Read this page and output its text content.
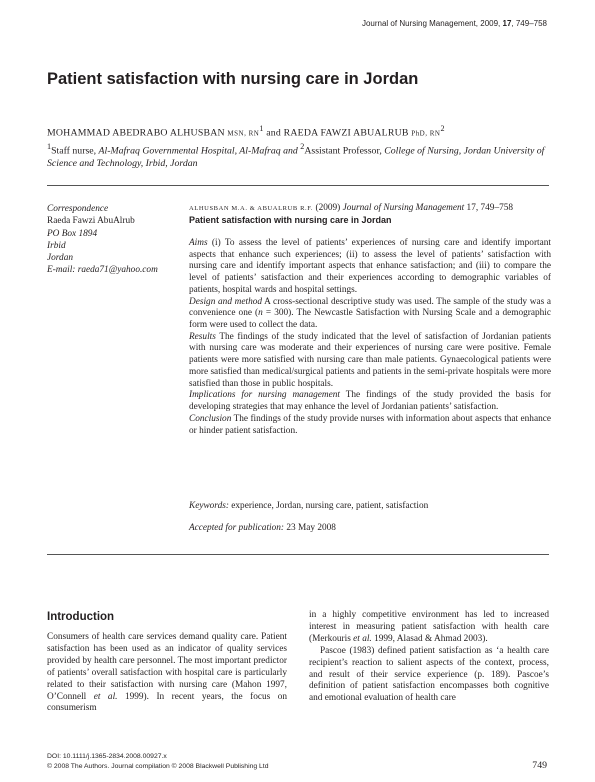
Journal of Nursing Management, 2009, 17, 749–758
Patient satisfaction with nursing care in Jordan
MOHAMMAD ABEDRABO ALHUSBAN MSN, $RN^1$ and RAEDA FAWZI ABUALRUB PhD, $RN^2$
$^1$Staff nurse, Al-Mafraq Governmental Hospital, Al-Mafraq and $^2$Assistant Professor, College of Nursing, Jordan University of Science and Technology, Irbid, Jordan
Correspondence
Raeda Fawzi AbuAlrub
PO Box 1894
Irbid
Jordan
E-mail: raeda71@yahoo.com
ALHUSBAN M.A. & ABUALRUB R.F. (2009) Journal of Nursing Management 17, 749–758
Patient satisfaction with nursing care in Jordan

Aims (i) To assess the level of patients’ experiences of nursing care and identify important aspects that enhance such experiences; (ii) to assess the level of patients’ satisfaction with nursing care and identify important aspects that enhance satisfaction; and (iii) to compare the level of patients’ satisfaction and their experiences according to demographic variables of patients, hospital wards and hospital settings.

Design and method A cross-sectional descriptive study was used. The sample of the study was a convenience one (n = 300). The Newcastle Satisfaction with Nursing Scale and a demographic form were used to collect the data.

Results The findings of the study indicated that the level of satisfaction of Jordanian patients with nursing care was moderate and their experiences of nursing care were positive. Female patients were more satisfied with nursing care than male patients. Gynaecological patients were more satisfied than medical/surgical patients and patients in the semi-private hospitals were more satisfied than those in public hospitals.

Implications for nursing management The findings of the study provided the basis for developing strategies that may enhance the level of Jordanian patients’ satisfaction.

Conclusion The findings of the study provide nurses with information about aspects that enhance or hinder patient satisfaction.

Keywords: experience, Jordan, nursing care, patient, satisfaction
Accepted for publication: 23 May 2008
Introduction

Consumers of health care services demand quality care. Patient satisfaction has been used as an indicator of quality services provided by health care personnel. The most important predictor of patients’ overall satisfaction with hospital care is particularly related to their satisfaction with nursing care (Mahon 1997, O’Connell et al. 1999). In recent years, the focus on consumerism

in a highly competitive environment has led to increased interest in measuring patient satisfaction with health care (Merkouris et al. 1999, Alasad & Ahmad 2003).

Pascoe (1983) defined patient satisfaction as ‘a health care recipient’s reaction to salient aspects of the context, process, and result of their service experience (p. 189). Pascoe’s definition of patient satisfaction encompasses both cognitive and emotional evaluation of health care

DOI: 10.1111/j.1365-2834.2008.00927.x
© 2008 The Authors. Journal compilation © 2008 Blackwell Publishing Ltd	749
